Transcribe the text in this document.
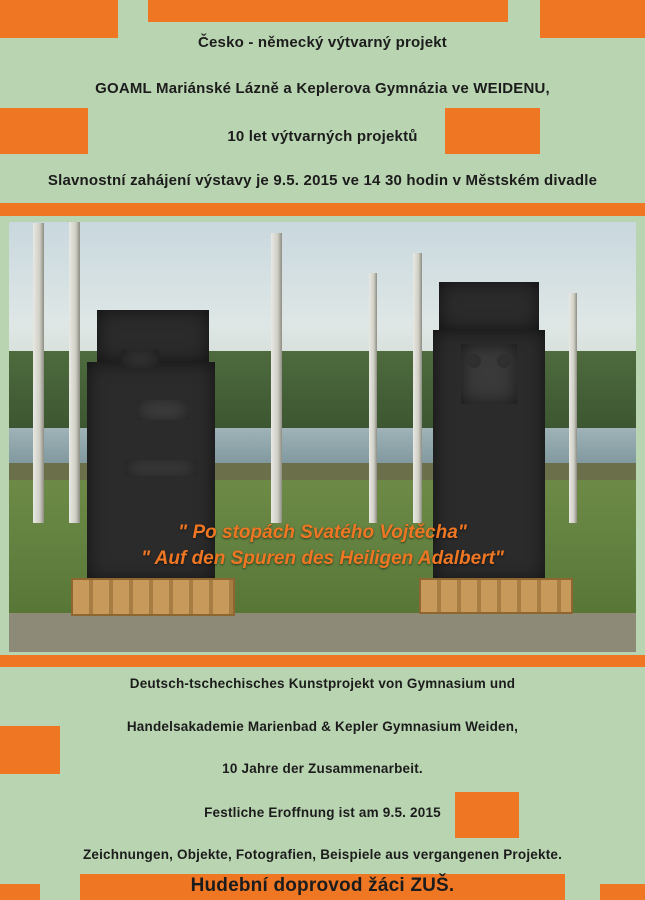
Česko - německý výtvarný projekt
GOAML Mariánské Lázně a Keplerova Gymnázia ve WEIDENU,
10 let výtvarných projektů
Slavnostní zahájení výstavy je 9.5. 2015 ve 14 30 hodin v Městském divadle
" Po stopách Svatého Vojtěcha"
" Auf den Spuren des Heiligen Adalbert"
Deutsch-tschechisches Kunstprojekt von Gymnasium und
Handelsakademie Marienbad & Kepler Gymnasium Weiden,
10 Jahre der Zusammenarbeit.
Festliche Eroffnung ist am 9.5. 2015
Zeichnungen, Objekte, Fotografien, Beispiele aus vergangenen Projekte.
Hudební doprovod žáci ZUŠ.
